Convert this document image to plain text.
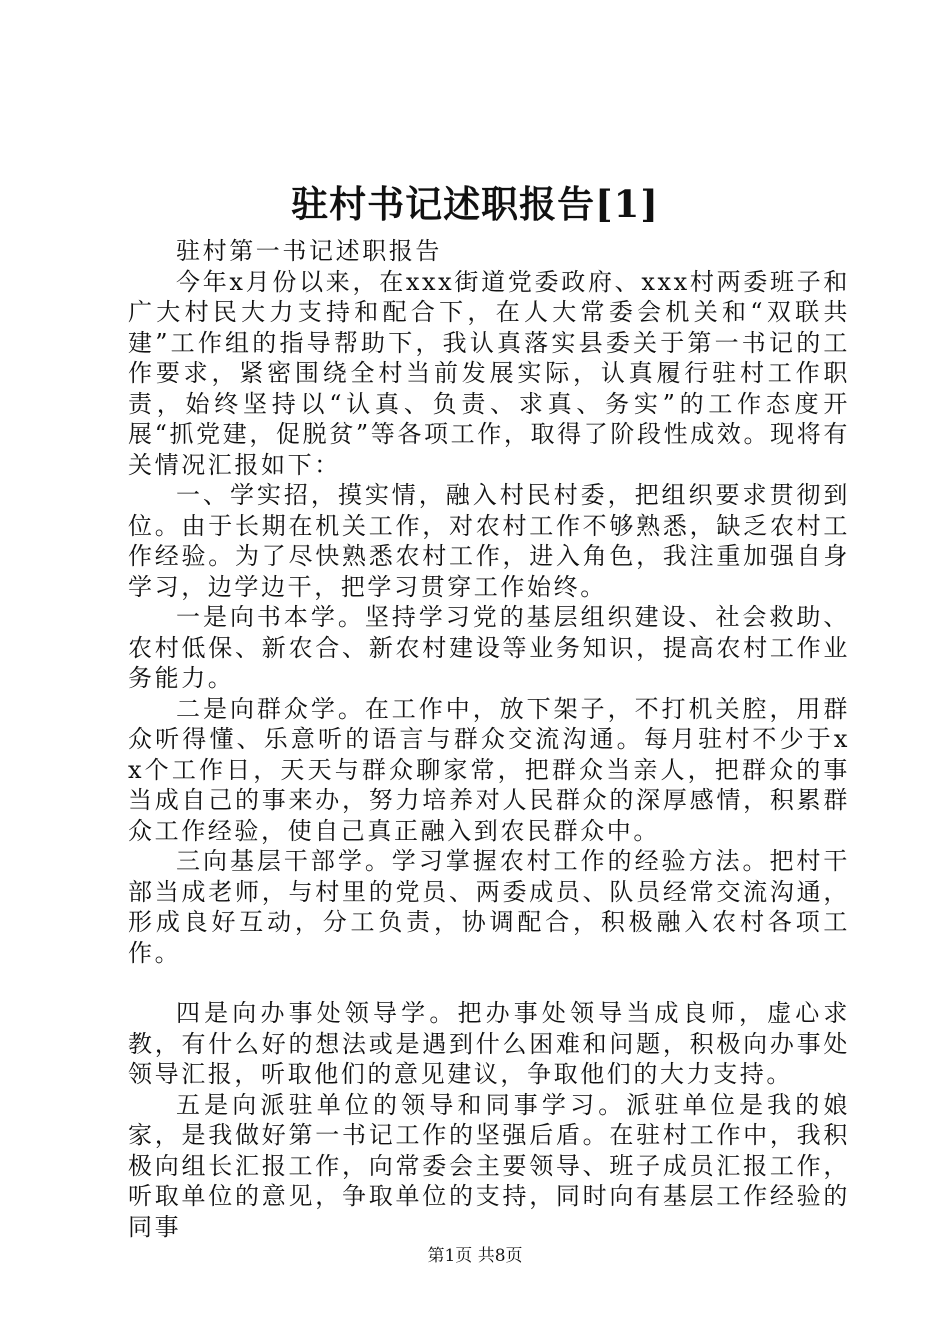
驻村书记述职报告[1]

驻村第一书记述职报告

今年x月份以来，在xxx街道党委政府、xxx村两委班子和广大村民大力支持和配合下，在人大常委会机关和“双联共建”工作组的指导帮助下，我认真落实县委关于第一书记的工作要求，紧密围绕全村当前发展实际，认真履行驻村工作职责，始终坚持以“认真、负责、求真、务实”的工作态度开展“抓党建，促脱贫”等各项工作，取得了阶段性成效。现将有关情况汇报如下：

一、学实招，摸实情，融入村民村委，把组织要求贯彻到位。由于长期在机关工作，对农村工作不够熟悉，缺乏农村工作经验。为了尽快熟悉农村工作，进入角色，我注重加强自身学习，边学边干，把学习贯穿工作始终。

一是向书本学。坚持学习党的基层组织建设、社会救助、农村低保、新农合、新农村建设等业务知识，提高农村工作业务能力。

二是向群众学。在工作中，放下架子，不打机关腔，用群众听得懂、乐意听的语言与群众交流沟通。每月驻村不少于xx个工作日，天天与群众聊家常，把群众当亲人，把群众的事当成自己的事来办，努力培养对人民群众的深厚感情，积累群众工作经验，使自己真正融入到农民群众中。

三向基层干部学。学习掌握农村工作的经验方法。把村干部当成老师，与村里的党员、两委成员、队员经常交流沟通，形成良好互动，分工负责，协调配合，积极融入农村各项工作。

四是向办事处领导学。把办事处领导当成良师，虚心求教，有什么好的想法或是遇到什么困难和问题，积极向办事处领导汇报，听取他们的意见建议，争取他们的大力支持。

五是向派驻单位的领导和同事学习。派驻单位是我的娘家，是我做好第一书记工作的坚强后盾。在驻村工作中，我积极向组长汇报工作，向常委会主要领导、班子成员汇报工作，听取单位的意见，争取单位的支持，同时向有基层工作经验的同事

第1页 共8页
